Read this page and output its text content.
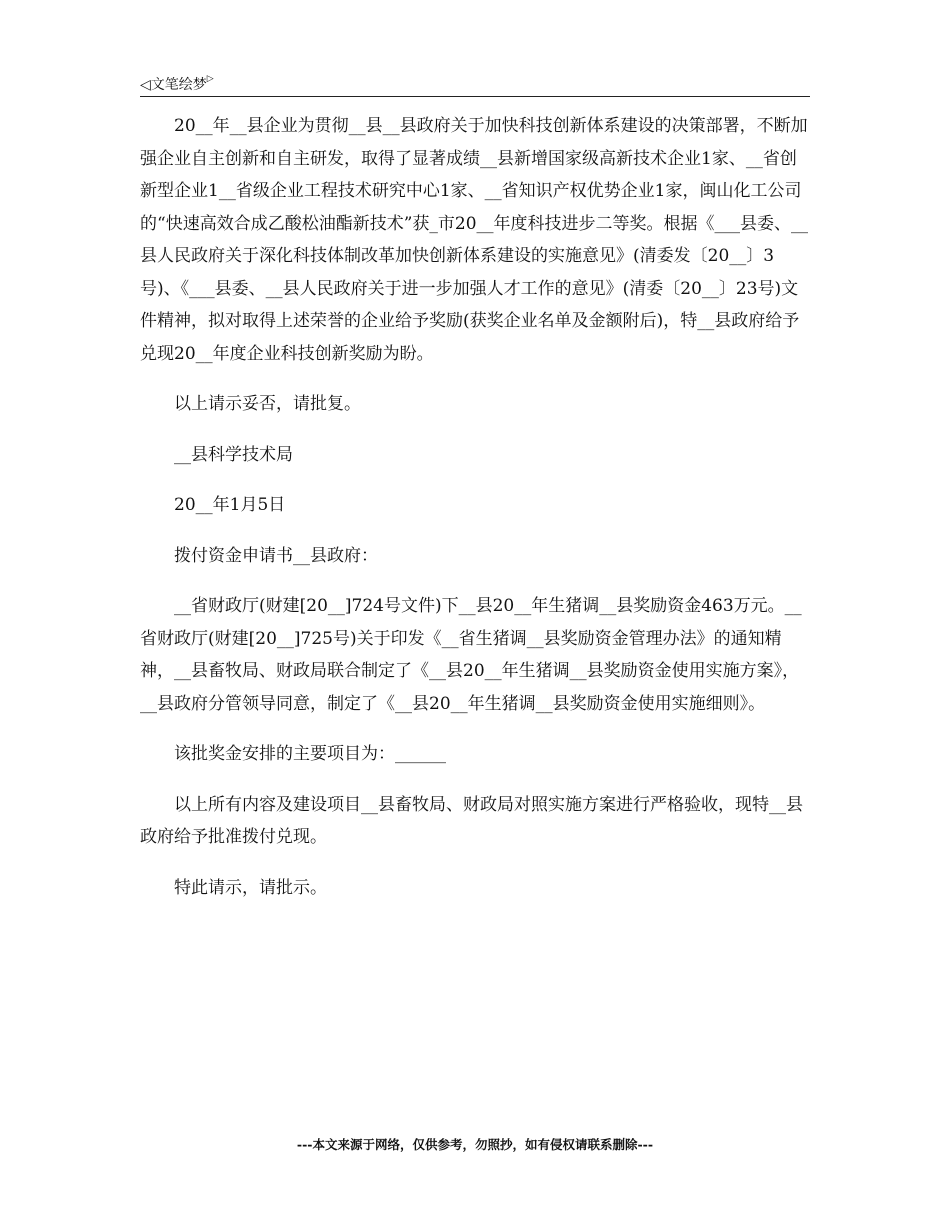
◁文笔绘梦▷

20__年__县企业为贯彻__县__县政府关于加快科技创新体系建设的决策部署，不断加强企业自主创新和自主研发，取得了显著成绩__县新增国家级高新技术企业1家、__省创新型企业1__省级企业工程技术研究中心1家、__省知识产权优势企业1家，闽山化工公司的“快速高效合成乙酸松油酯新技术”获_市20__年度科技进步二等奖。根据《___县委、__县人民政府关于深化科技体制改革加快创新体系建设的实施意见》(清委发〔20__〕3号)、《___县委、__县人民政府关于进一步加强人才工作的意见》(清委〔20__〕23号)文件精神，拟对取得上述荣誉的企业给予奖励(获奖企业名单及金额附后)，特__县政府给予兑现20__年度企业科技创新奖励为盼。

以上请示妥否，请批复。

__县科学技术局

20__年1月5日

拨付资金申请书__县政府：

__省财政厅(财建[20__]724号文件)下__县20__年生猪调__县奖励资金463万元。__省财政厅(财建[20__]725号)关于印发《__省生猪调__县奖励资金管理办法》的通知精神，__县畜牧局、财政局联合制定了《__县20__年生猪调__县奖励资金使用实施方案》，__县政府分管领导同意，制定了《__县20__年生猪调__县奖励资金使用实施细则》。

该批奖金安排的主要项目为：______

以上所有内容及建设项目__县畜牧局、财政局对照实施方案进行严格验收，现特__县政府给予批准拨付兑现。

特此请示，请批示。

---本文来源于网络，仅供参考，勿照抄，如有侵权请联系删除---
